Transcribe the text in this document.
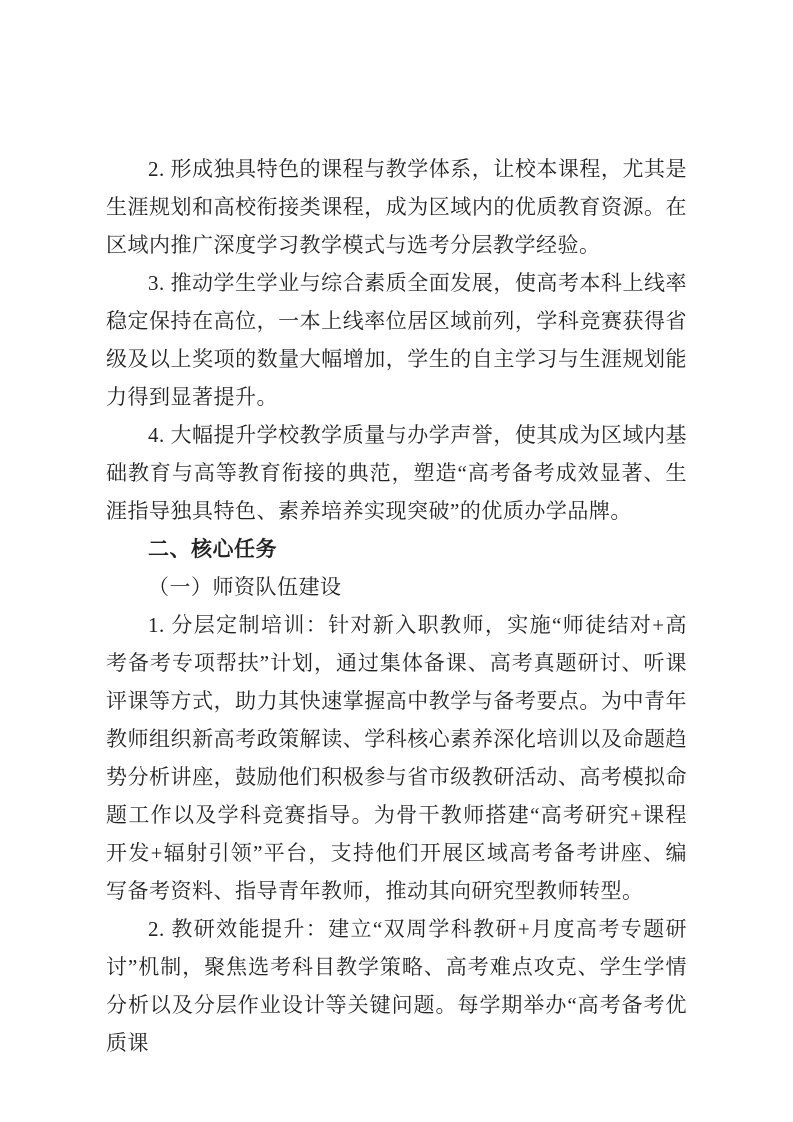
2. 形成独具特色的课程与教学体系，让校本课程，尤其是生涯规划和高校衔接类课程，成为区域内的优质教育资源。在区域内推广深度学习教学模式与选考分层教学经验。

3. 推动学生学业与综合素质全面发展，使高考本科上线率稳定保持在高位，一本上线率位居区域前列，学科竞赛获得省级及以上奖项的数量大幅增加，学生的自主学习与生涯规划能力得到显著提升。

4. 大幅提升学校教学质量与办学声誉，使其成为区域内基础教育与高等教育衔接的典范，塑造“高考备考成效显著、生涯指导独具特色、素养培养实现突破”的优质办学品牌。

二、核心任务

（一）师资队伍建设

1. 分层定制培训：针对新入职教师，实施“师徒结对+高考备考专项帮扶”计划，通过集体备课、高考真题研讨、听课评课等方式，助力其快速掌握高中教学与备考要点。为中青年教师组织新高考政策解读、学科核心素养深化培训以及命题趋势分析讲座，鼓励他们积极参与省市级教研活动、高考模拟命题工作以及学科竞赛指导。为骨干教师搭建“高考研究+课程开发+辐射引领”平台，支持他们开展区域高考备考讲座、编写备考资料、指导青年教师，推动其向研究型教师转型。

2. 教研效能提升：建立“双周学科教研+月度高考专题研讨”机制，聚焦选考科目教学策略、高考难点攻克、学生学情分析以及分层作业设计等关键问题。每学期举办“高考备考优质课
